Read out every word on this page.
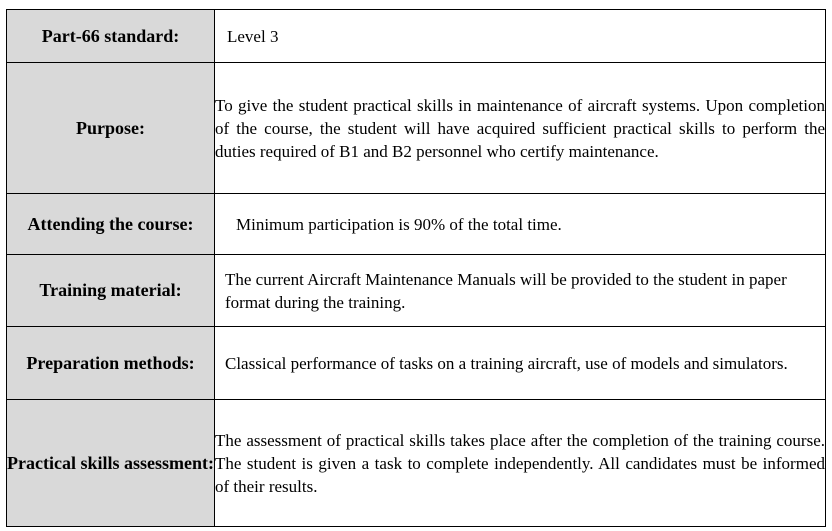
Part-66 standard:	Level 3
Purpose:	To give the student practical skills in maintenance of aircraft systems. Upon completion of the course, the student will have acquired sufficient practical skills to perform the duties required of B1 and B2 personnel who certify maintenance.

Attending the course:	Minimum participation is 90% of the total time.
Training material:	The current Aircraft Maintenance Manuals will be provided to the student in paper format during the training.
Preparation methods:	Classical performance of tasks on a training aircraft, use of models and simulators.
Practical skills assessment:	The assessment of practical skills takes place after the completion of the training course. The student is given a task to complete independently. All candidates must be informed of their results.
